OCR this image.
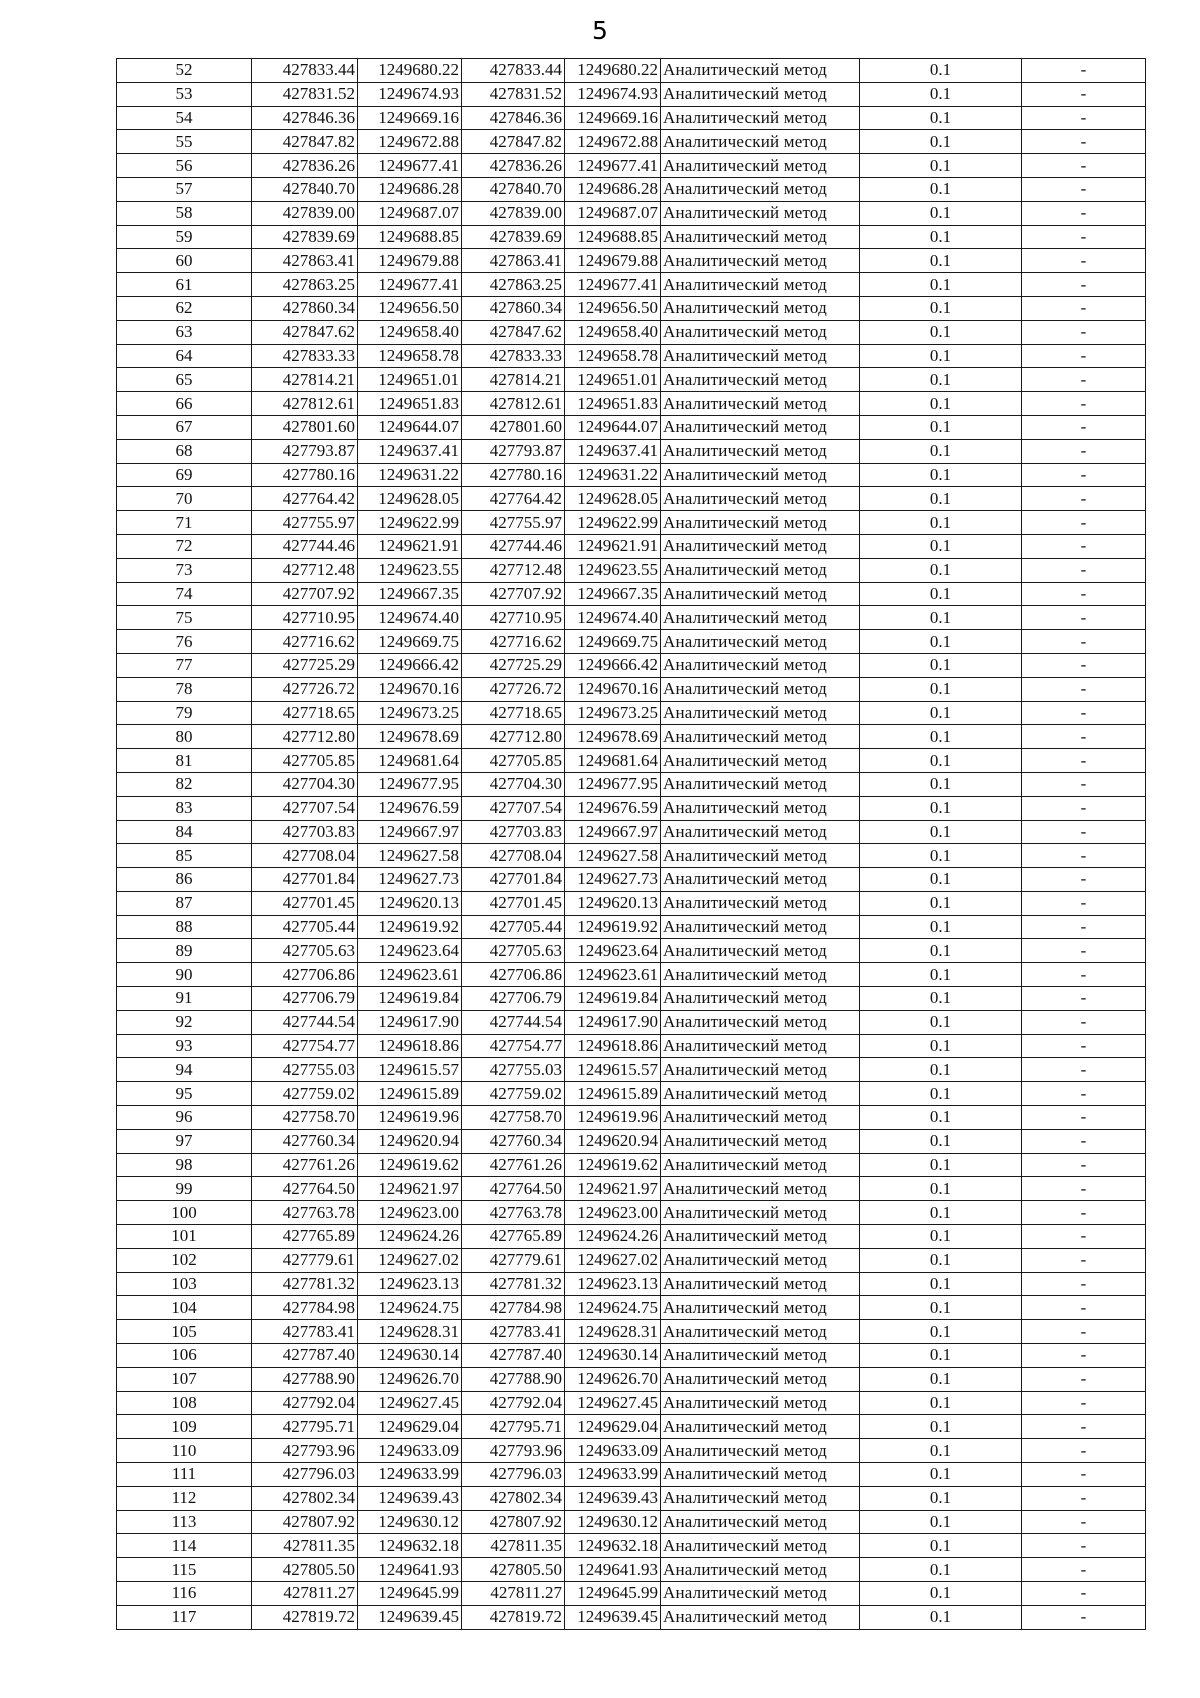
5
52	427833.44	1249680.22	427833.44	1249680.22	Аналитический метод	0.1	-
53	427831.52	1249674.93	427831.52	1249674.93	Аналитический метод	0.1	-
54	427846.36	1249669.16	427846.36	1249669.16	Аналитический метод	0.1	-
55	427847.82	1249672.88	427847.82	1249672.88	Аналитический метод	0.1	-
56	427836.26	1249677.41	427836.26	1249677.41	Аналитический метод	0.1	-
57	427840.70	1249686.28	427840.70	1249686.28	Аналитический метод	0.1	-
58	427839.00	1249687.07	427839.00	1249687.07	Аналитический метод	0.1	-
59	427839.69	1249688.85	427839.69	1249688.85	Аналитический метод	0.1	-
60	427863.41	1249679.88	427863.41	1249679.88	Аналитический метод	0.1	-
61	427863.25	1249677.41	427863.25	1249677.41	Аналитический метод	0.1	-
62	427860.34	1249656.50	427860.34	1249656.50	Аналитический метод	0.1	-
63	427847.62	1249658.40	427847.62	1249658.40	Аналитический метод	0.1	-
64	427833.33	1249658.78	427833.33	1249658.78	Аналитический метод	0.1	-
65	427814.21	1249651.01	427814.21	1249651.01	Аналитический метод	0.1	-
66	427812.61	1249651.83	427812.61	1249651.83	Аналитический метод	0.1	-
67	427801.60	1249644.07	427801.60	1249644.07	Аналитический метод	0.1	-
68	427793.87	1249637.41	427793.87	1249637.41	Аналитический метод	0.1	-
69	427780.16	1249631.22	427780.16	1249631.22	Аналитический метод	0.1	-
70	427764.42	1249628.05	427764.42	1249628.05	Аналитический метод	0.1	-
71	427755.97	1249622.99	427755.97	1249622.99	Аналитический метод	0.1	-
72	427744.46	1249621.91	427744.46	1249621.91	Аналитический метод	0.1	-
73	427712.48	1249623.55	427712.48	1249623.55	Аналитический метод	0.1	-
74	427707.92	1249667.35	427707.92	1249667.35	Аналитический метод	0.1	-
75	427710.95	1249674.40	427710.95	1249674.40	Аналитический метод	0.1	-
76	427716.62	1249669.75	427716.62	1249669.75	Аналитический метод	0.1	-
77	427725.29	1249666.42	427725.29	1249666.42	Аналитический метод	0.1	-
78	427726.72	1249670.16	427726.72	1249670.16	Аналитический метод	0.1	-
79	427718.65	1249673.25	427718.65	1249673.25	Аналитический метод	0.1	-
80	427712.80	1249678.69	427712.80	1249678.69	Аналитический метод	0.1	-
81	427705.85	1249681.64	427705.85	1249681.64	Аналитический метод	0.1	-
82	427704.30	1249677.95	427704.30	1249677.95	Аналитический метод	0.1	-
83	427707.54	1249676.59	427707.54	1249676.59	Аналитический метод	0.1	-
84	427703.83	1249667.97	427703.83	1249667.97	Аналитический метод	0.1	-
85	427708.04	1249627.58	427708.04	1249627.58	Аналитический метод	0.1	-
86	427701.84	1249627.73	427701.84	1249627.73	Аналитический метод	0.1	-
87	427701.45	1249620.13	427701.45	1249620.13	Аналитический метод	0.1	-
88	427705.44	1249619.92	427705.44	1249619.92	Аналитический метод	0.1	-
89	427705.63	1249623.64	427705.63	1249623.64	Аналитический метод	0.1	-
90	427706.86	1249623.61	427706.86	1249623.61	Аналитический метод	0.1	-
91	427706.79	1249619.84	427706.79	1249619.84	Аналитический метод	0.1	-
92	427744.54	1249617.90	427744.54	1249617.90	Аналитический метод	0.1	-
93	427754.77	1249618.86	427754.77	1249618.86	Аналитический метод	0.1	-
94	427755.03	1249615.57	427755.03	1249615.57	Аналитический метод	0.1	-
95	427759.02	1249615.89	427759.02	1249615.89	Аналитический метод	0.1	-
96	427758.70	1249619.96	427758.70	1249619.96	Аналитический метод	0.1	-
97	427760.34	1249620.94	427760.34	1249620.94	Аналитический метод	0.1	-
98	427761.26	1249619.62	427761.26	1249619.62	Аналитический метод	0.1	-
99	427764.50	1249621.97	427764.50	1249621.97	Аналитический метод	0.1	-
100	427763.78	1249623.00	427763.78	1249623.00	Аналитический метод	0.1	-
101	427765.89	1249624.26	427765.89	1249624.26	Аналитический метод	0.1	-
102	427779.61	1249627.02	427779.61	1249627.02	Аналитический метод	0.1	-
103	427781.32	1249623.13	427781.32	1249623.13	Аналитический метод	0.1	-
104	427784.98	1249624.75	427784.98	1249624.75	Аналитический метод	0.1	-
105	427783.41	1249628.31	427783.41	1249628.31	Аналитический метод	0.1	-
106	427787.40	1249630.14	427787.40	1249630.14	Аналитический метод	0.1	-
107	427788.90	1249626.70	427788.90	1249626.70	Аналитический метод	0.1	-
108	427792.04	1249627.45	427792.04	1249627.45	Аналитический метод	0.1	-
109	427795.71	1249629.04	427795.71	1249629.04	Аналитический метод	0.1	-
110	427793.96	1249633.09	427793.96	1249633.09	Аналитический метод	0.1	-
111	427796.03	1249633.99	427796.03	1249633.99	Аналитический метод	0.1	-
112	427802.34	1249639.43	427802.34	1249639.43	Аналитический метод	0.1	-
113	427807.92	1249630.12	427807.92	1249630.12	Аналитический метод	0.1	-
114	427811.35	1249632.18	427811.35	1249632.18	Аналитический метод	0.1	-
115	427805.50	1249641.93	427805.50	1249641.93	Аналитический метод	0.1	-
116	427811.27	1249645.99	427811.27	1249645.99	Аналитический метод	0.1	-
117	427819.72	1249639.45	427819.72	1249639.45	Аналитический метод	0.1	-
